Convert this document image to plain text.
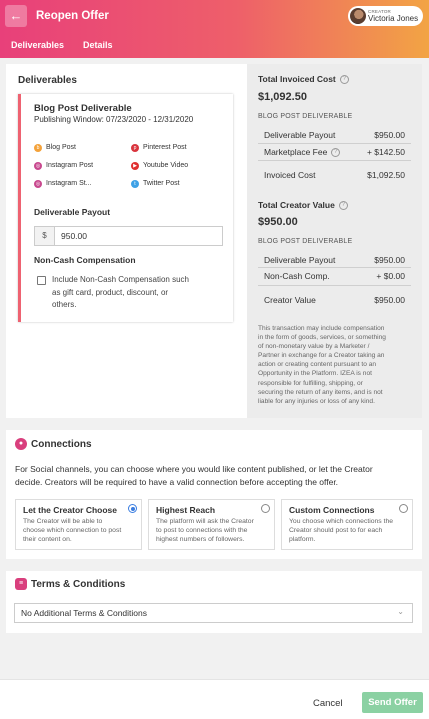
←	Reopen Offer	CREATOR
Victoria Jones
Deliverables Details
Deliverables
Blog Post Deliverable
Publishing Window: 07/23/2020 - 12/31/2020
b Blog Post	p Pinterest Post
◎ Instagram Post	▶ Youtube Video
◎ Instagram St...	t	Twitter Post
Deliverable Payout
$	950.00
Non-Cash Compensation
Include Non-Cash Compensation such
as gift card, product, discount, or
others.
Total Invoiced Cost ?
$1,092.50
BLOG POST DELIVERABLE
Deliverable Payout	$950.00
Marketplace Fee ?	+ $142.50
Invoiced Cost	$1,092.50
Total Creator Value ?
$950.00
BLOG POST DELIVERABLE
Deliverable Payout	$950.00
Non-Cash Comp.	+ $0.00
Creator Value	$950.00
This transaction may include compensation
in the form of goods, services, or something
of non-monetary value by a Marketer /
Partner in exchange for a Creator taking an
action or creating content pursuant to an
Opportunity in the Platform. IZEA is not
responsible for fulfilling, shipping, or
securing the return of any items, and is not
liable for any injuries or loss of any kind.
● Connections
For Social channels, you can choose where you would like content published, or let the Creator
decide. Creators will be required to have a valid connection before accepting the offer.
Let the Creator Choose
The Creator will be able to
choose which connection to post
their content on.
Highest Reach
The platform will ask the Creator
to post to connections with the
highest numbers of followers.
Custom Connections
You choose which connections the
Creator should post to for each
platform.
≡ Terms & Conditions
No Additional Terms & Conditions	⌄
Cancel	Send Offer
